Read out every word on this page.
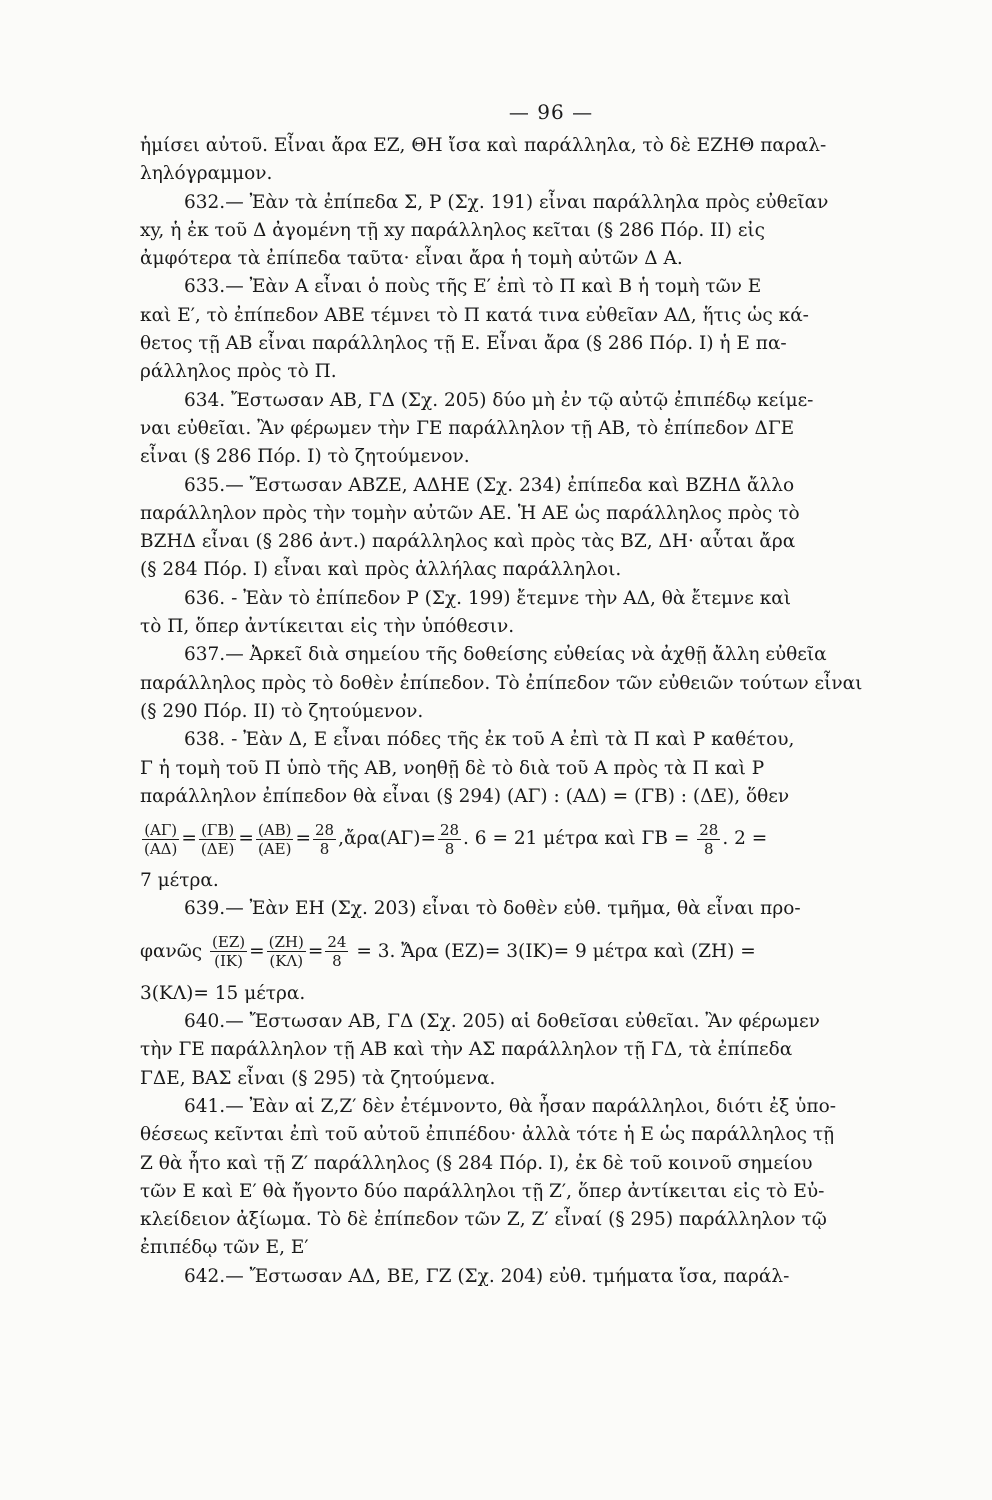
— 96 —
ἡμίσει αὐτοῦ. Εἶναι ἄρα ΕΖ, ΘΗ ἴσα καὶ παράλληλα, τὸ δὲ ΕΖΗΘ παραλ-
ληλόγραμμον.
632.— Ἐὰν τὰ ἐπίπεδα Σ, Ρ (Σχ. 191) εἶναι παράλληλα πρὸς εὐθεῖαν
xy, ἡ ἐκ τοῦ Δ ἀγομένη τῇ xy παράλληλος κεῖται (§ 286 Πόρ. ΙΙ) εἰς
ἀμφότερα τὰ ἐπίπεδα ταῦτα· εἶναι ἄρα ἡ τομὴ αὐτῶν Δ Α.
633.— Ἐὰν Α εἶναι ὁ ποὺς τῆς Ε′ ἐπὶ τὸ Π καὶ Β ἡ τομὴ τῶν Ε
καὶ Ε′, τὸ ἐπίπεδον ΑΒΕ τέμνει τὸ Π κατά τινα εὐθεῖαν ΑΔ, ἥτις ὡς κά-
θετος τῇ ΑΒ εἶναι παράλληλος τῇ Ε. Εἶναι ἄρα (§ 286 Πόρ. Ι) ἡ Ε πα-
ράλληλος πρὸς τὸ Π.
634. Ἔστωσαν ΑΒ, ΓΔ (Σχ. 205) δύο μὴ ἐν τῷ αὐτῷ ἐπιπέδῳ κείμε-
ναι εὐθεῖαι. Ἂν φέρωμεν τὴν ΓΕ παράλληλον τῇ ΑΒ, τὸ ἐπίπεδον ΔΓΕ
εἶναι (§ 286 Πόρ. Ι) τὸ ζητούμενον.
635.— Ἔστωσαν ΑΒΖΕ, ΑΔΗΕ (Σχ. 234) ἐπίπεδα καὶ ΒΖΗΔ ἄλλο
παράλληλον πρὸς τὴν τομὴν αὐτῶν ΑΕ. Ἡ ΑΕ ὡς παράλληλος πρὸς τὸ
ΒΖΗΔ εἶναι (§ 286 ἀντ.) παράλληλος καὶ πρὸς τὰς ΒΖ, ΔΗ· αὗται ἄρα
(§ 284 Πόρ. Ι) εἶναι καὶ πρὸς ἀλλήλας παράλληλοι.
636. - Ἐὰν τὸ ἐπίπεδον Ρ (Σχ. 199) ἔτεμνε τὴν ΑΔ, θὰ ἔτεμνε καὶ
τὸ Π, ὅπερ ἀντίκειται εἰς τὴν ὑπόθεσιν.
637.— Ἀρκεῖ διὰ σημείου τῆς δοθείσης εὐθείας νὰ ἀχθῇ ἄλλη εὐθεῖα
παράλληλος πρὸς τὸ δοθὲν ἐπίπεδον. Τὸ ἐπίπεδον τῶν εὐθειῶν τούτων εἶναι
(§ 290 Πόρ. ΙΙ) τὸ ζητούμενον.
638. - Ἐὰν Δ, Ε εἶναι πόδες τῆς ἐκ τοῦ Α ἐπὶ τὰ Π καὶ Ρ καθέτου,
Γ ἡ τομὴ τοῦ Π ὑπὸ τῆς ΑΒ, νοηθῇ δὲ τὸ διὰ τοῦ Α πρὸς τὰ Π καὶ Ρ
παράλληλον ἐπίπεδον θὰ εἶναι (§ 294) (ΑΓ) : (ΑΔ) = (ΓΒ) : (ΔΕ), ὅθεν
$\frac{(A\Gamma)}{(A\Delta)} = \frac{(\Gamma B)}{(\Delta E)} = \frac{(AB)}{(AE)} = \frac{28}{8}$ ,ἄρα(ΑΓ)= $\frac{28}{8}$ . 6 = 21 μέτρα καὶ $\Gamma B = \frac{28}{8}$ . 2 =
7 μέτρα.
639.— Ἐὰν ΕΗ (Σχ. 203) εἶναι τὸ δοθὲν εὐθ. τμῆμα, θὰ εἶναι προ-
φανῶς $\frac{(EZ)}{(IK)} = \frac{(ZH)}{(K\Lambda)} = \frac{24}{8} = 3$. Ἄρα (ΕΖ)= 3(ΙΚ)= 9 μέτρα καὶ (ΖΗ) =
3(ΚΛ)= 15 μέτρα.
640.— Ἔστωσαν ΑΒ, ΓΔ (Σχ. 205) αἱ δοθεῖσαι εὐθεῖαι. Ἂν φέρωμεν
τὴν ΓΕ παράλληλον τῇ ΑΒ καὶ τὴν ΑΣ παράλληλον τῇ ΓΔ, τὰ ἐπίπεδα
ΓΔΕ, ΒΑΣ εἶναι (§ 295) τὰ ζητούμενα.
641.— Ἐὰν αἱ Ζ,Ζ′ δὲν ἐτέμνοντο, θὰ ἦσαν παράλληλοι, διότι ἐξ ὑπο-
θέσεως κεῖνται ἐπὶ τοῦ αὐτοῦ ἐπιπέδου· ἀλλὰ τότε ἡ Ε ὡς παράλληλος τῇ
Ζ θὰ ἦτο καὶ τῇ Ζ′ παράλληλος (§ 284 Πόρ. Ι), ἐκ δὲ τοῦ κοινοῦ σημείου
τῶν Ε καὶ Ε′ θὰ ἤγοντο δύο παράλληλοι τῇ Ζ′, ὅπερ ἀντίκειται εἰς τὸ Εὐ-
κλείδειον ἀξίωμα. Τὸ δὲ ἐπίπεδον τῶν Ζ, Ζ′ εἶναί (§ 295) παράλληλον τῷ
ἐπιπέδῳ τῶν Ε, Ε′
642.— Ἔστωσαν ΑΔ, ΒΕ, ΓΖ (Σχ. 204) εὐθ. τμήματα ἴσα, παράλ-
